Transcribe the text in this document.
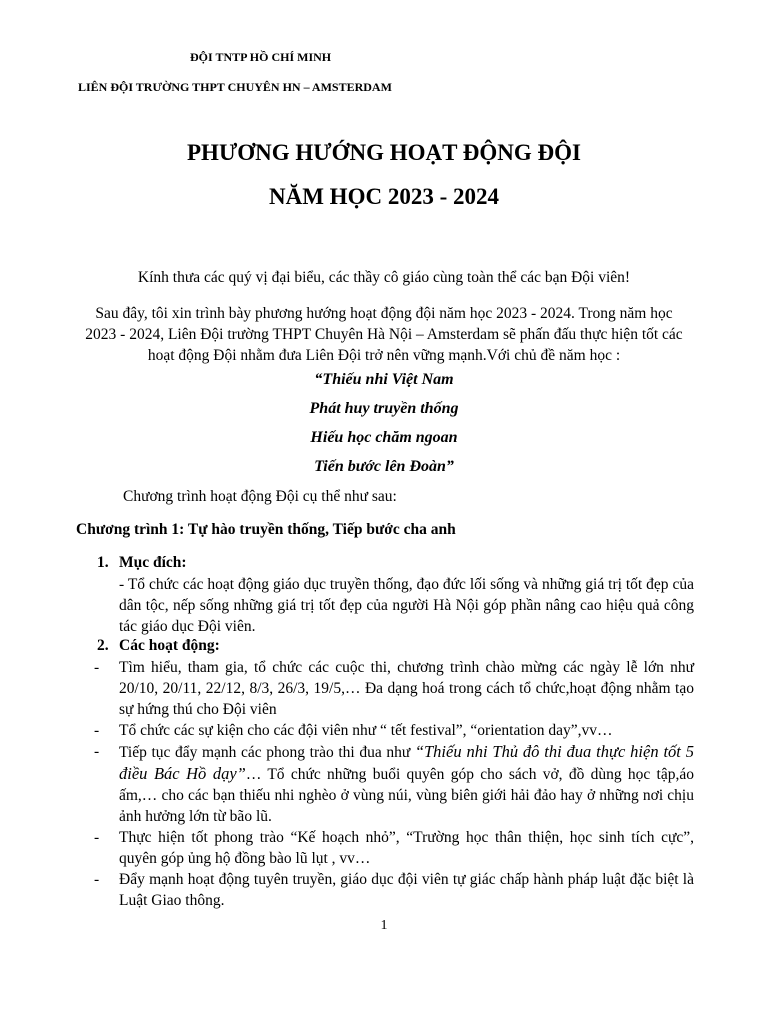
ĐỘI TNTP HỒ CHÍ MINH
LIÊN ĐỘI TRƯỜNG THPT CHUYÊN HN – AMSTERDAM
PHƯƠNG HƯỚNG HOẠT ĐỘNG ĐỘI
NĂM HỌC 2023 - 2024
Kính thưa các quý vị đại biểu, các thầy cô giáo cùng toàn thể các bạn Đội viên!
Sau đây, tôi xin trình bày phương hướng hoạt động đội năm học 2023 - 2024. Trong năm học 2023 - 2024, Liên Đội trường THPT Chuyên Hà Nội – Amsterdam sẽ phấn đấu thực hiện tốt các hoạt động Đội nhằm đưa Liên Đội trở nên vững mạnh.Với chủ đề năm học :
“Thiếu nhi Việt Nam
Phát huy truyền thống
Hiếu học chăm ngoan
Tiến bước lên Đoàn”
Chương trình hoạt động Đội cụ thể như sau:
Chương trình 1: Tự hào truyền thống, Tiếp bước cha anh
1. Mục đích:
- Tổ chức các hoạt động giáo dục truyền thống, đạo đức lối sống và những giá trị tốt đẹp của dân tộc, nếp sống những giá trị tốt đẹp của người Hà Nội góp phần nâng cao hiệu quả công tác giáo dục Đội viên.
2. Các hoạt động:

- Tìm hiểu, tham gia, tổ chức các cuộc thi, chương trình chào mừng các ngày lễ lớn như 20/10, 20/11, 22/12, 8/3, 26/3, 19/5,… Đa dạng hoá trong cách tổ chức,hoạt động nhằm tạo sự hứng thú cho Đội viên

- Tổ chức các sự kiện cho các đội viên như “ tết festival”, “orientation day”,vv…

- Tiếp tục đẩy mạnh các phong trào thi đua như “Thiếu nhi Thủ đô thi đua thực hiện tốt 5 điều Bác Hồ dạy”… Tổ chức những buổi quyên góp cho sách vở, đồ dùng học tập,áo ấm,… cho các bạn thiếu nhi nghèo ở vùng núi, vùng biên giới hải đảo hay ở những nơi chịu ảnh hưởng lớn từ bão lũ.

- Thực hiện tốt phong trào “Kế hoạch nhỏ”, “Trường học thân thiện, học sinh tích cực”, quyên góp ủng hộ đồng bào lũ lụt , vv…

- Đẩy mạnh hoạt động tuyên truyền, giáo dục đội viên tự giác chấp hành pháp luật đặc biệt là Luật Giao thông.

1
